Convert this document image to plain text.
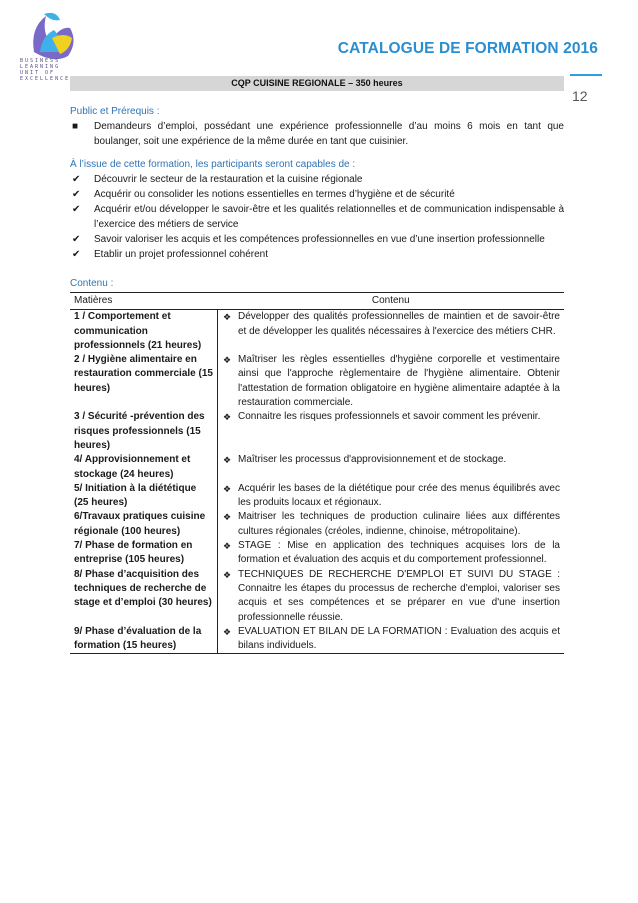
BUSINESS LEARNING UNIT OF EXCELLENCE
CATALOGUE DE FORMATION 2016
12
CQP CUISINE REGIONALE – 350 heures

Public et Prérequis :

■ Demandeurs d’emploi, possédant une expérience professionnelle d’au moins 6 mois en tant que boulanger, soit une expérience de la même durée en tant que cuisinier.

À l’issue de cette formation, les participants seront capables de :

✔ Découvrir le secteur de la restauration et la cuisine régionale
✔ Acquérir ou consolider les notions essentielles en termes d’hygiène et de sécurité
✔ Acquérir et/ou développer le savoir-être et les qualités relationnelles et de communication indispensable à l’exercice des métiers de service
✔ Savoir valoriser les acquis et les compétences professionnelles en vue d’une insertion professionnelle
✔ Etablir un projet professionnel cohérent

Contenu :

Matières	Contenu
1 / Comportement et communication professionnels (21 heures)	❖ Développer des qualités professionnelles de maintien et de savoir-être et de développer les qualités nécessaires à l'exercice des métiers CHR.
2 / Hygiène alimentaire en restauration commerciale (15 heures)	❖ Maîtriser les règles essentielles d'hygiène corporelle et vestimentaire ainsi que l'approche règlementaire de l'hygiène alimentaire. Obtenir l'attestation de formation obligatoire en hygiène alimentaire adaptée à la restauration commerciale.
3 / Sécurité -prévention des risques professionnels (15 heures)	❖ Connaitre les risques professionnels et savoir comment les prévenir.
4/ Approvisionnement et stockage (24 heures)	❖ Maîtriser les processus d'approvisionnement et de stockage.
5/ Initiation à la diététique (25 heures)	❖ Acquérir les bases de la diététique pour crée des menus équilibrés avec les produits locaux et régionaux.
6/Travaux pratiques cuisine régionale (100 heures)	❖ Maitriser les techniques de production culinaire liées aux différentes cultures régionales (créoles, indienne, chinoise, métropolitaine).
7/ Phase de formation en entreprise (105 heures)	❖ STAGE : Mise en application des techniques acquises lors de la formation et évaluation des acquis et du comportement professionnel.
8/ Phase d’acquisition des techniques de recherche de stage et d’emploi (30 heures)	❖ TECHNIQUES DE RECHERCHE D'EMPLOI ET SUIVI DU STAGE : Connaitre les étapes du processus de recherche d'emploi, valoriser ses acquis et ses compétences et se préparer en vue d'une insertion professionnelle réussie.
9/ Phase d’évaluation de la formation (15 heures)	❖ EVALUATION ET BILAN DE LA FORMATION : Evaluation des acquis et bilans individuels.
